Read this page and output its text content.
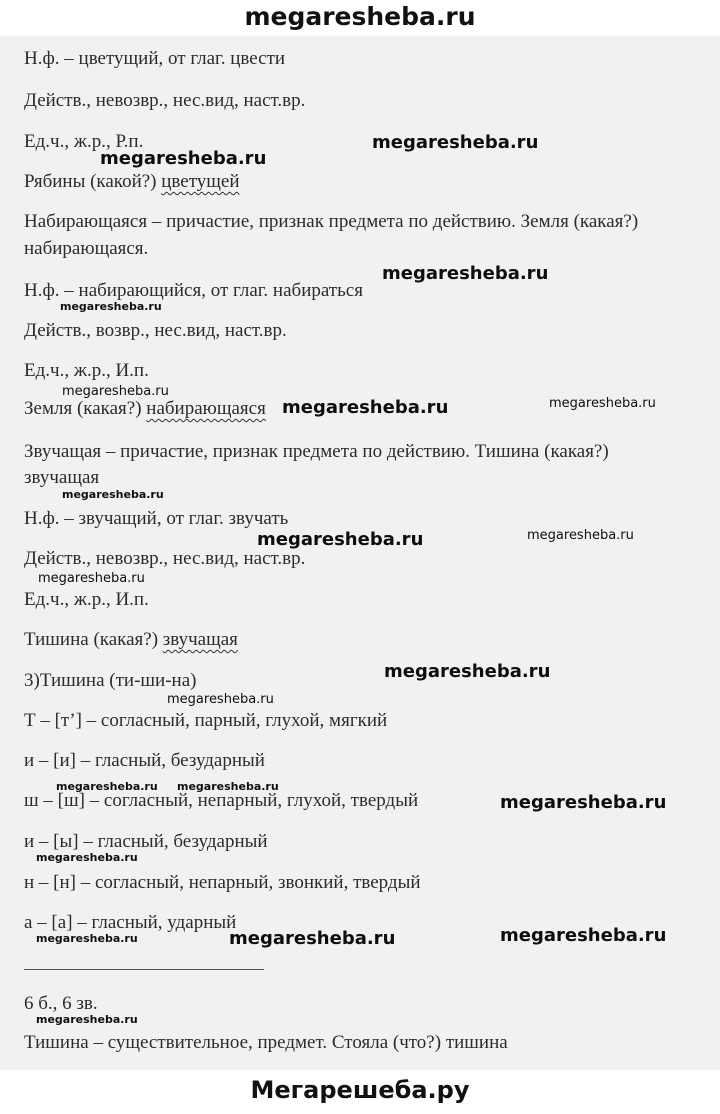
megaresheba.ru
Н.ф. – цветущий, от глаг. цвести
Действ., невозвр., нес.вид, наст.вр.
Ед.ч., ж.р., Р.п.
Рябины (какой?) цветущей
Набирающаяся – причастие, признак предмета по действию. Земля (какая?)
набирающаяся.
Н.ф. – набирающийся, от глаг. набираться
Действ., возвр., нес.вид, наст.вр.
Ед.ч., ж.р., И.п.
Земля (какая?) набирающаяся
Звучащая – причастие, признак предмета по действию. Тишина (какая?)
звучащая
Н.ф. – звучащий, от глаг. звучать
Действ., невозвр., нес.вид, наст.вр.
Ед.ч., ж.р., И.п.
Тишина (какая?) звучащая
3)Тишина (ти-ши-на)
Т – [т’] – согласный, парный, глухой, мягкий
и – [и] – гласный, безударный
ш – [ш] – согласный, непарный, глухой, твердый
и – [ы] – гласный, безударный
н – [н] – согласный, непарный, звонкий, твердый
а – [а] – гласный, ударный
6 б., 6 зв.
Тишина – существительное, предмет. Стояла (что?) тишина
megaresheba.ru
megaresheba.ru
megaresheba.ru
megaresheba.ru
megaresheba.ru
megaresheba.ru	megaresheba.ru
megaresheba.ru
megaresheba.ru	megaresheba.ru
megaresheba.ru
megaresheba.ru
megaresheba.ru
megaresheba.ru megaresheba.ru
megaresheba.ru
megaresheba.ru
megaresheba.ru	megaresheba.ru	megaresheba.ru
megaresheba.ru
Мегарешеба.ру
